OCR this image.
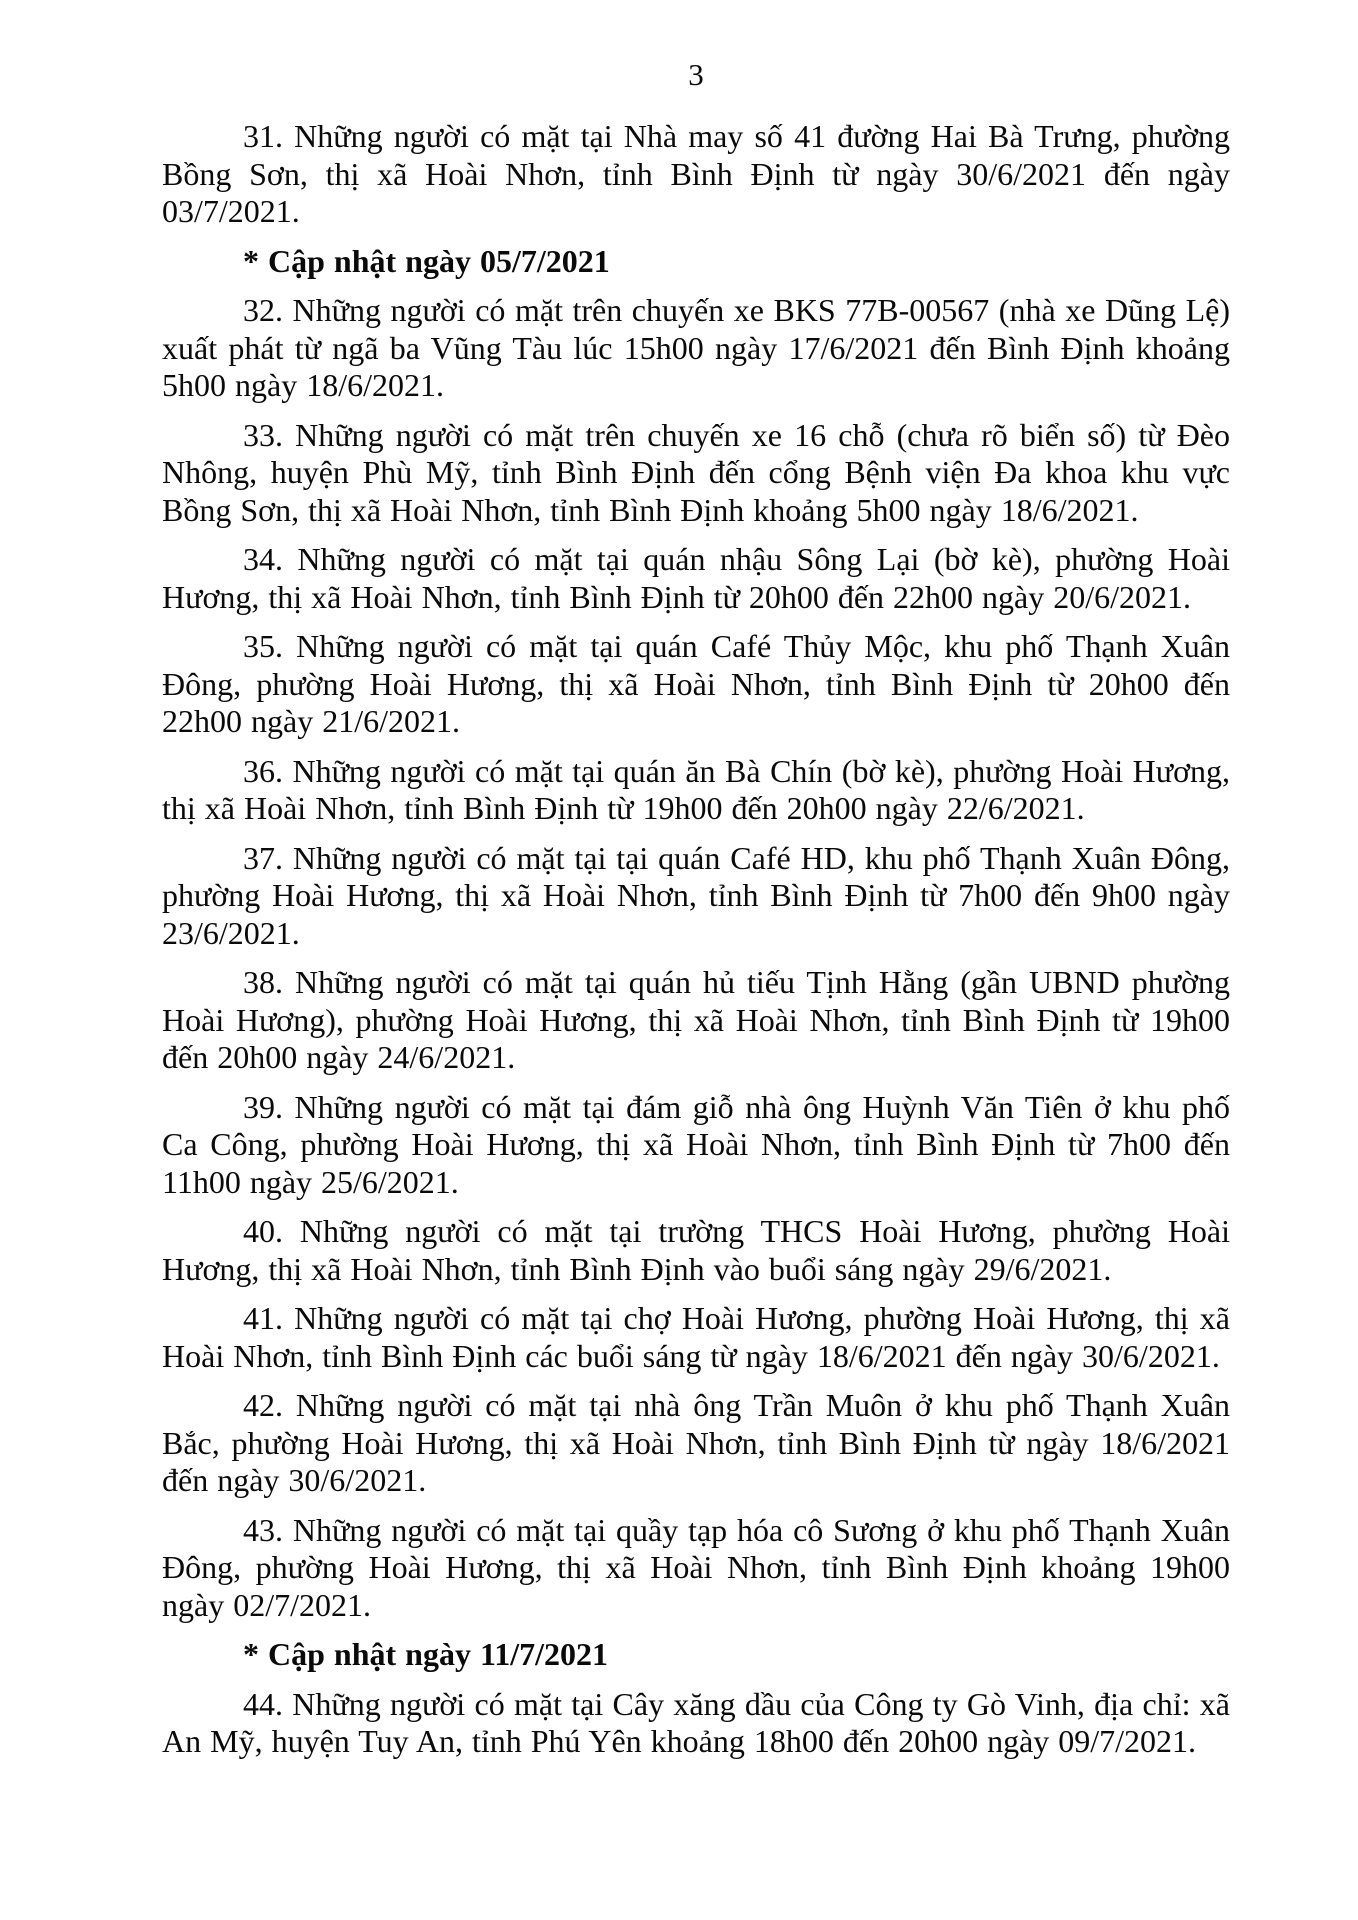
3

31. Những người có mặt tại Nhà may số 41 đường Hai Bà Trưng, phường Bồng Sơn, thị xã Hoài Nhơn, tỉnh Bình Định từ ngày 30/6/2021 đến ngày 03/7/2021.

* Cập nhật ngày 05/7/2021

32. Những người có mặt trên chuyến xe BKS 77B-00567 (nhà xe Dũng Lệ) xuất phát từ ngã ba Vũng Tàu lúc 15h00 ngày 17/6/2021 đến Bình Định khoảng 5h00 ngày 18/6/2021.

33. Những người có mặt trên chuyến xe 16 chỗ (chưa rõ biển số) từ Đèo Nhông, huyện Phù Mỹ, tỉnh Bình Định đến cổng Bệnh viện Đa khoa khu vực Bồng Sơn, thị xã Hoài Nhơn, tỉnh Bình Định khoảng 5h00 ngày 18/6/2021.

34. Những người có mặt tại quán nhậu Sông Lại (bờ kè), phường Hoài Hương, thị xã Hoài Nhơn, tỉnh Bình Định từ 20h00 đến 22h00 ngày 20/6/2021.

35. Những người có mặt tại quán Café Thủy Mộc, khu phố Thạnh Xuân Đông, phường Hoài Hương, thị xã Hoài Nhơn, tỉnh Bình Định từ 20h00 đến 22h00 ngày 21/6/2021.

36. Những người có mặt tại quán ăn Bà Chín (bờ kè), phường Hoài Hương, thị xã Hoài Nhơn, tỉnh Bình Định từ 19h00 đến 20h00 ngày 22/6/2021.

37. Những người có mặt tại tại quán Café HD, khu phố Thạnh Xuân Đông, phường Hoài Hương, thị xã Hoài Nhơn, tỉnh Bình Định từ 7h00 đến 9h00 ngày 23/6/2021.

38. Những người có mặt tại quán hủ tiếu Tịnh Hằng (gần UBND phường Hoài Hương), phường Hoài Hương, thị xã Hoài Nhơn, tỉnh Bình Định từ 19h00 đến 20h00 ngày 24/6/2021.

39. Những người có mặt tại đám giỗ nhà ông Huỳnh Văn Tiên ở khu phố Ca Công, phường Hoài Hương, thị xã Hoài Nhơn, tỉnh Bình Định từ 7h00 đến 11h00 ngày 25/6/2021.

40. Những người có mặt tại trường THCS Hoài Hương, phường Hoài Hương, thị xã Hoài Nhơn, tỉnh Bình Định vào buổi sáng ngày 29/6/2021.

41. Những người có mặt tại chợ Hoài Hương, phường Hoài Hương, thị xã Hoài Nhơn, tỉnh Bình Định các buổi sáng từ ngày 18/6/2021 đến ngày 30/6/2021.

42. Những người có mặt tại nhà ông Trần Muôn ở khu phố Thạnh Xuân Bắc, phường Hoài Hương, thị xã Hoài Nhơn, tỉnh Bình Định từ ngày 18/6/2021 đến ngày 30/6/2021.

43. Những người có mặt tại quầy tạp hóa cô Sương ở khu phố Thạnh Xuân Đông, phường Hoài Hương, thị xã Hoài Nhơn, tỉnh Bình Định khoảng 19h00 ngày 02/7/2021.

* Cập nhật ngày 11/7/2021

44. Những người có mặt tại Cây xăng dầu của Công ty Gò Vinh, địa chỉ: xã An Mỹ, huyện Tuy An, tỉnh Phú Yên khoảng 18h00 đến 20h00 ngày 09/7/2021.
